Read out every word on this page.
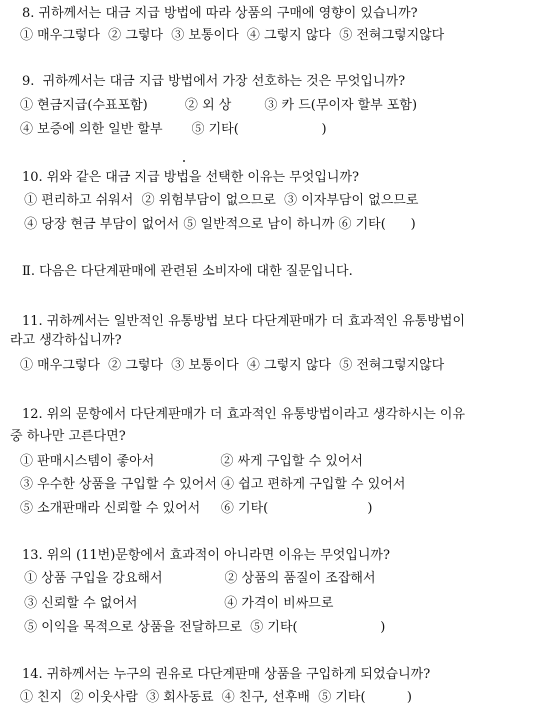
8. 귀하께서는 대금 지급 방법에 따라 상품의 구매에 영향이 있습니까?
① 매우그렇다  ② 그렇다  ③ 보통이다  ④ 그렇지 않다  ⑤ 전혀그렇지않다
9.  귀하께서는 대금 지급 방법에서 가장 선호하는 것은 무엇입니까?
① 현금지급(수표포함)         ② 외 상        ③ 카 드(무이자 할부 포함)
④ 보증에 의한 일반 할부       ⑤ 기타(                    )
10. 위와 같은 대금 지급 방법을 선택한 이유는 무엇입니까?
① 편리하고 쉬워서  ② 위험부담이 없으므로  ③ 이자부담이 없으므로
④ 당장 현금 부담이 없어서 ⑤ 일반적으로 남이 하니까 ⑥ 기타(      )
Ⅱ. 다음은 다단계판매에 관련된 소비자에 대한 질문입니다.
11. 귀하께서는 일반적인 유통방법 보다 다단계판매가 더 효과적인 유통방법이
라고 생각하십니까?
① 매우그렇다  ② 그렇다  ③ 보통이다  ④ 그렇지 않다  ⑤ 전혀그렇지않다
12. 위의 문항에서 다단계판매가 더 효과적인 유통방법이라고 생각하시는 이유
중 하나만 고른다면?
① 판매시스템이 좋아서                ② 싸게 구입할 수 있어서
③ 우수한 상품을 구입할 수 있어서 ④ 쉽고 편하게 구입할 수 있어서
⑤ 소개판매라 신뢰할 수 있어서     ⑥ 기타(                        )
13. 위의 (11번)문항에서 효과적이 아니라면 이유는 무엇입니까?
① 상품 구입을 강요해서               ② 상품의 품질이 조잡해서
③ 신뢰할 수 없어서                     ④ 가격이 비싸므로
⑤ 이익을 목적으로 상품을 전달하므로  ⑤ 기타(                    )
14. 귀하께서는 누구의 권유로 다단계판매 상품을 구입하게 되었습니까?
① 친지  ② 이웃사람  ③ 회사동료  ④ 친구, 선후배  ⑤ 기타(          )
